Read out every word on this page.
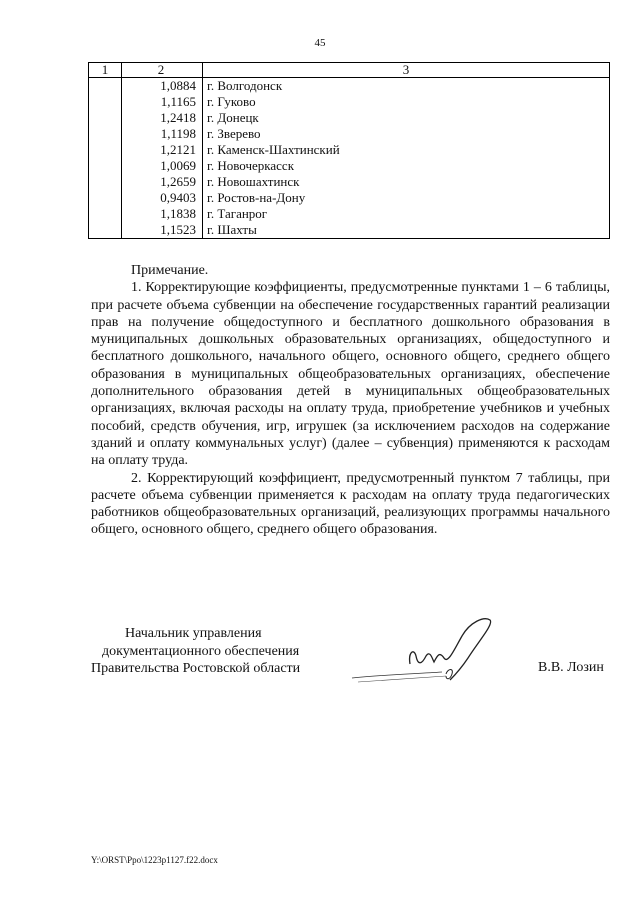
45
1	2	3
	1,0884	г. Волгодонск
	1,1165	г. Гуково
	1,2418	г. Донецк
	1,1198	г. Зверево
	1,2121	г. Каменск-Шахтинский
	1,0069	г. Новочеркасск
	1,2659	г. Новошахтинск
	0,9403	г. Ростов-на-Дону
	1,1838	г. Таганрог
	1,1523	г. Шахты

Примечание.

1. Корректирующие коэффициенты, предусмотренные пунктами 1 – 6 таблицы, при расчете объема субвенции на обеспечение государственных гарантий реализации прав на получение общедоступного и бесплатного дошкольного образования в муниципальных дошкольных образовательных организациях, общедоступного и бесплатного дошкольного, начального общего, основного общего, среднего общего образования в муниципальных общеобразовательных организациях, обеспечение дополнительного образования детей в муниципальных общеобразовательных организациях, включая расходы на оплату труда, приобретение учебников и учебных пособий, средств обучения, игр, игрушек (за исключением расходов на содержание зданий и оплату коммунальных услуг) (далее – субвенция) применяются к расходам на оплату труда.

2. Корректирующий коэффициент, предусмотренный пунктом 7 таблицы, при расчете объема субвенции применяется к расходам на оплату труда педагогических работников общеобразовательных организаций, реализующих программы начального общего, основного общего, среднего общего образования.

Начальник управления
документационного обеспечения
Правительства Ростовской области	В.В. Лозин
Y:\ORST\Ppo\1223p1127.f22.docx
